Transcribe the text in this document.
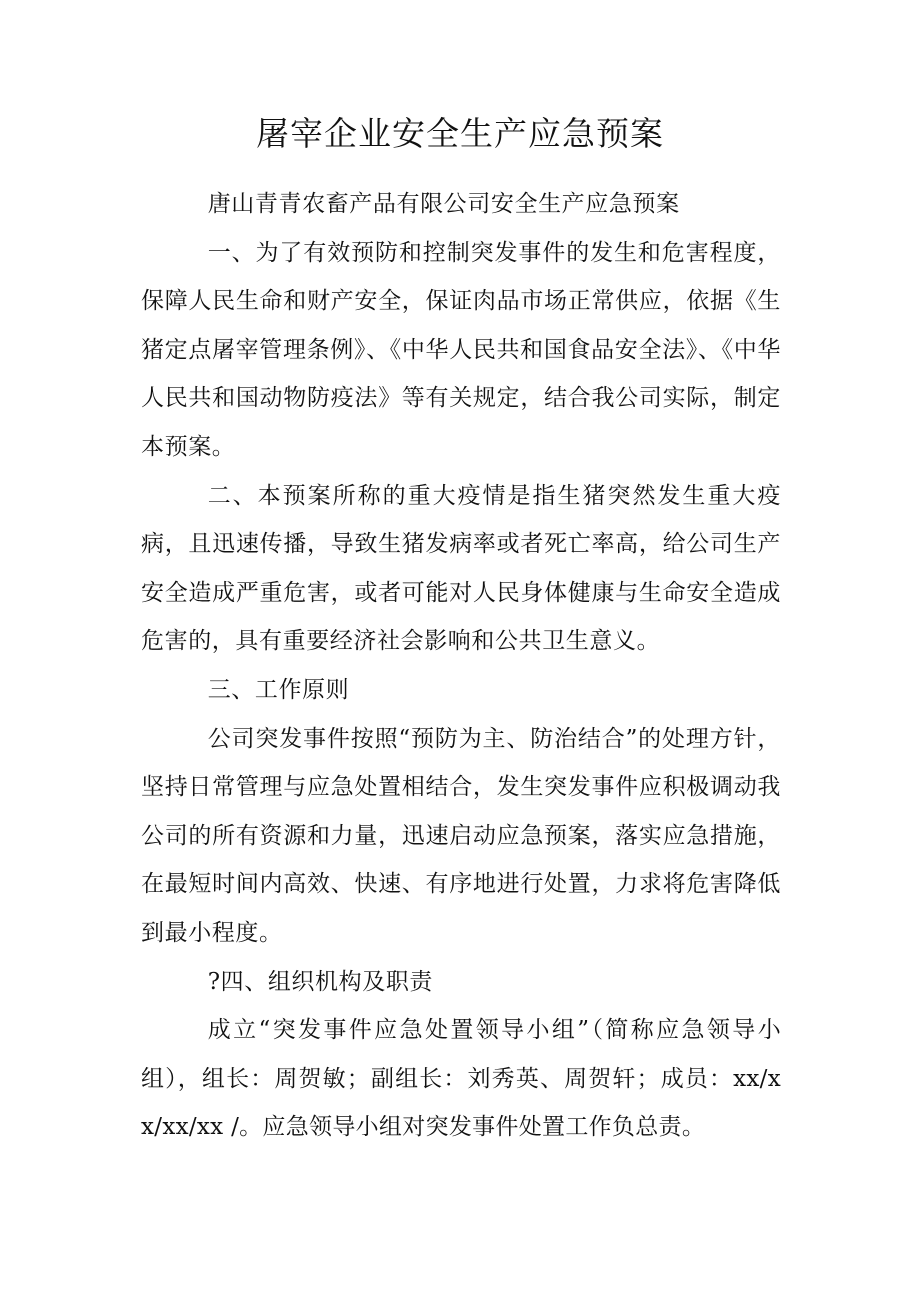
屠宰企业安全生产应急预案

唐山青青农畜产品有限公司安全生产应急预案

一、为了有效预防和控制突发事件的发生和危害程度，保障人民生命和财产安全，保证肉品市场正常供应，依据《生猪定点屠宰管理条例》、《中华人民共和国食品安全法》、《中华人民共和国动物防疫法》等有关规定，结合我公司实际，制定本预案。

二、本预案所称的重大疫情是指生猪突然发生重大疫病，且迅速传播，导致生猪发病率或者死亡率高，给公司生产安全造成严重危害，或者可能对人民身体健康与生命安全造成危害的，具有重要经济社会影响和公共卫生意义。

三、工作原则

公司突发事件按照“预防为主、防治结合”的处理方针，坚持日常管理与应急处置相结合，发生突发事件应积极调动我公司的所有资源和力量，迅速启动应急预案，落实应急措施，在最短时间内高效、快速、有序地进行处置，力求将危害降低到最小程度。

?四、组织机构及职责

成立“突发事件应急处置领导小组”（简称应急领导小组），组长：周贺敏；副组长：刘秀英、周贺轩；成员：xx/xx/xx/xx /。应急领导小组对突发事件处置工作负总责。
